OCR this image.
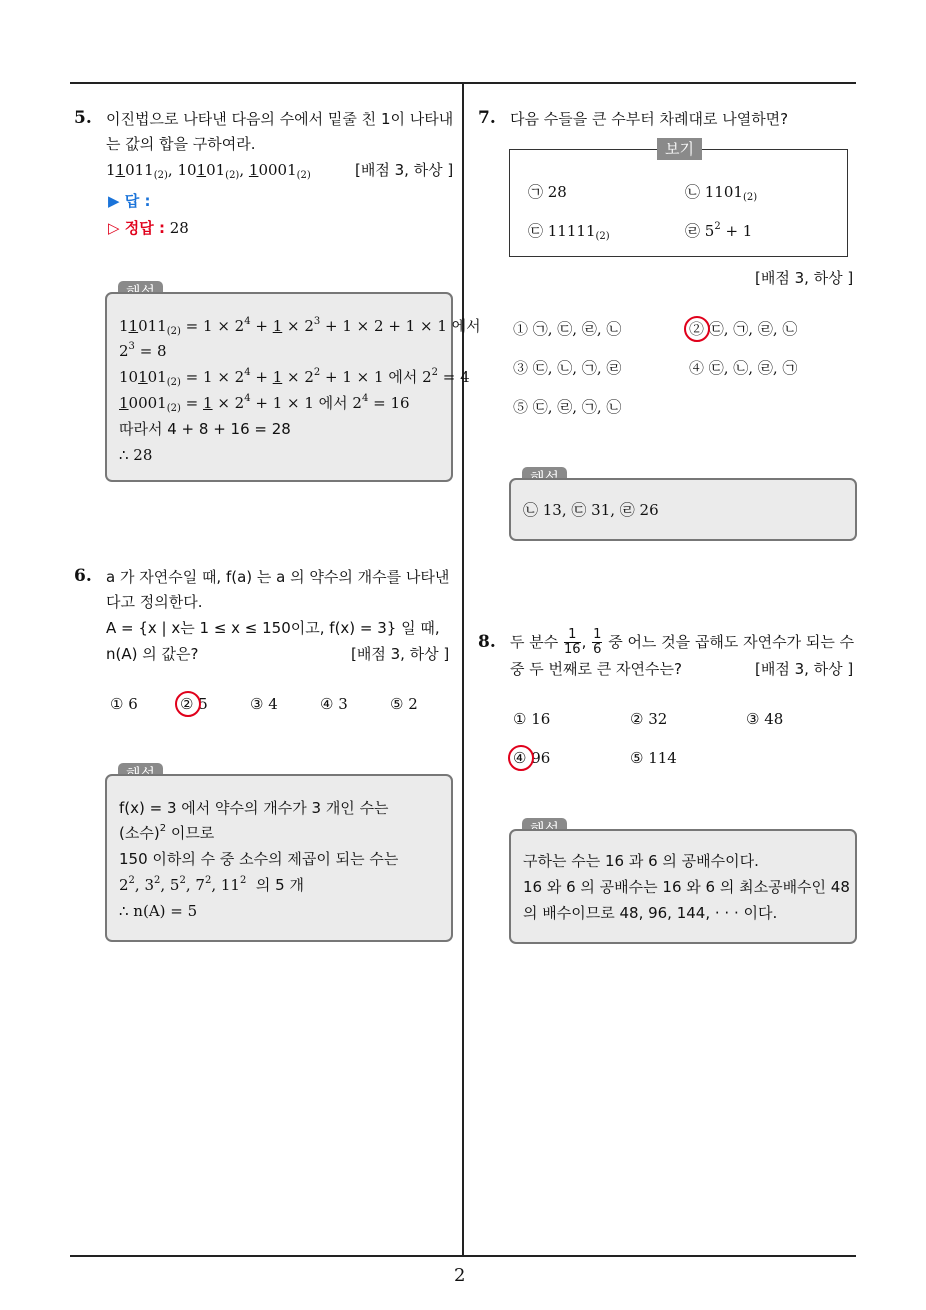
2
5. 이진법으로 나타낸 다음의 수에서 밑줄 친 1이 나타내
는 값의 합을 구하여라.
$11011_{(2)}$, $10101_{(2)}$, $10001_{(2)}$	[배점 3, 하상 ]
▶ 답 :
▷ 정답 : 28
$11011_{(2)} = 1 \times 2^4 + 1 \times 2^3 + 1 \times 2 + 1 \times 1$ 에서
$2^3 = 8$
$10101_{(2)} = 1 \times 2^4 + 1 \times 2^2 + 1 \times 1$ 에서 $2^2 = 4$
$10001_{(2)} = 1 \times 2^4 + 1 \times 1$ 에서 $2^4 = 16$
따라서 4 + 8 + 16 = 28
∴ 28
6. a 가 자연수일 때, f(a) 는 a 의 약수의 개수를 나타낸
다고 정의한다.
A = {x | x는 1 ≤ x ≤ 150이고, f(x) = 3} 일 때,
n(A) 의 값은?	[배점 3, 하상 ]
① 6	② 5	③ 4	④ 3	⑤ 2
f(x) = 3 에서 약수의 개수가 3 개인 수는
(소수)$^2$ 이므로
150 이하의 수 중 소수의 제곱이 되는 수는
$2^2$, $3^2$, $5^2$, $7^2$, $11^2$ 의 5 개
∴ n(A) = 5
7. 다음 수들을 큰 수부터 차례대로 나열하면?
보기
㉠ 28	㉡ $1101_{(2)}$
㉢ $11111_{(2)}$	㉣ $5^2 + 1$
[배점 3, 하상 ]
① ㉠, ㉢, ㉣, ㉡	② ㉢, ㉠, ㉣, ㉡
③ ㉢, ㉡, ㉠, ㉣	④ ㉢, ㉡, ㉣, ㉠
⑤ ㉢, ㉣, ㉠, ㉡
㉡ 13, ㉢ 31, ㉣ 26
8. 두 분수 $\frac{1}{16}$ , $\frac{1}{6}$ 중 어느 것을 곱해도 자연수가 되는 수
중 두 번째로 큰 자연수는?	[배점 3, 하상 ]
① 16	② 32	③ 48
④ 96	⑤ 114
구하는 수는 16 과 6 의 공배수이다.
16 와 6 의 공배수는 16 와 6 의 최소공배수인 48
의 배수이므로 48, 96, 144, · · · 이다.
